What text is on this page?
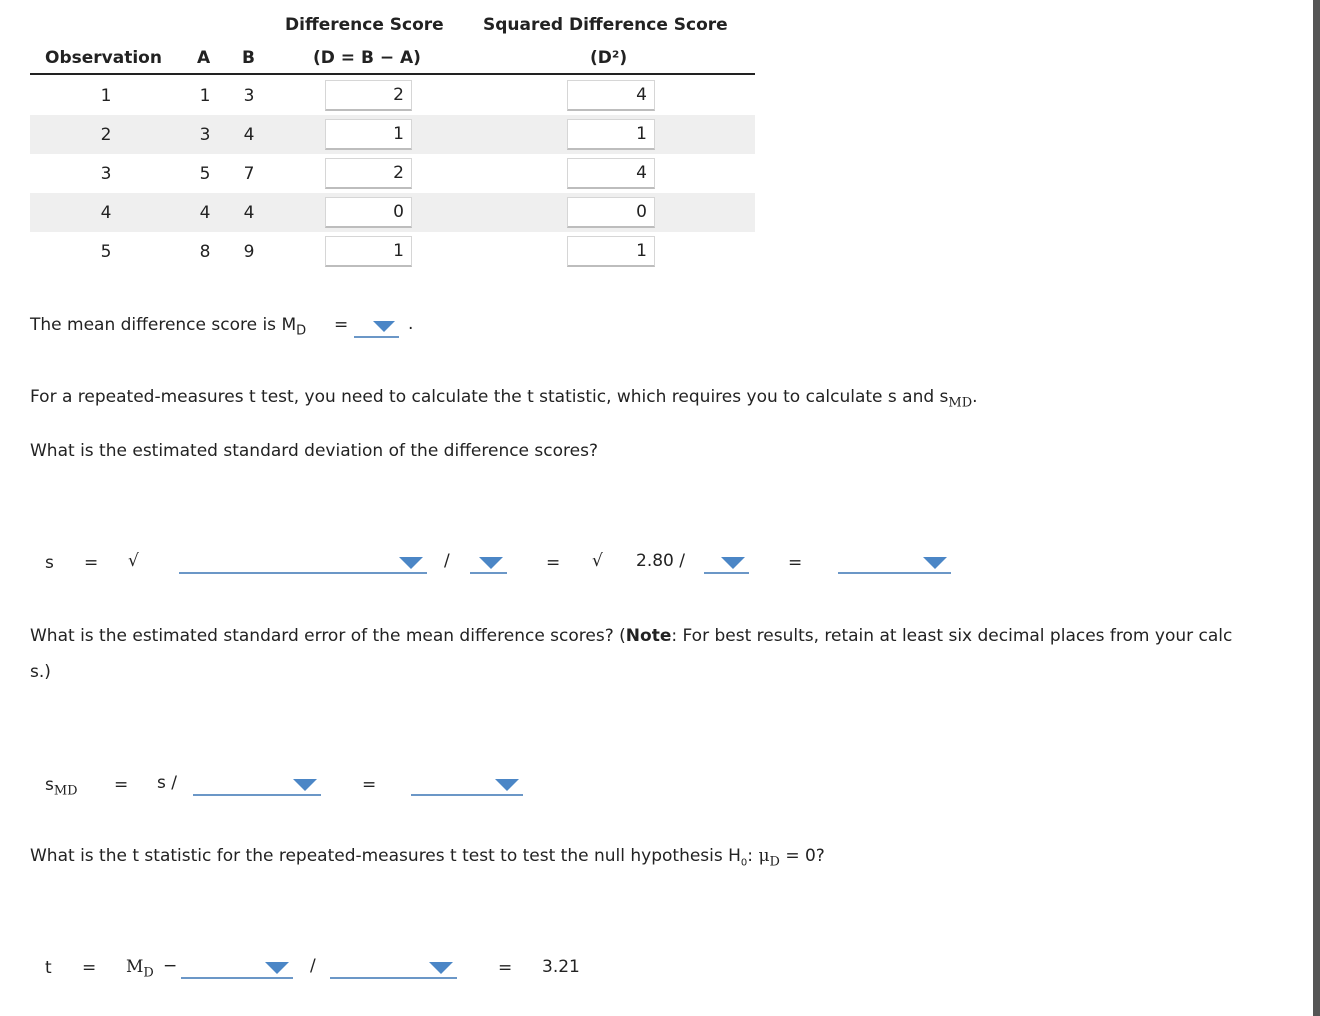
Difference Score Squared Difference Score
Observation A B	(D = B − A)	(D²)
1	1	3	2	4
2	3	4	1	1
3	5	7	2	4
4	4	4	0	0
5	8	9	1	1
The mean difference score is $M_D$ =	.
For a repeated-measures t test, you need to calculate the t statistic, which requires you to calculate s and $s_{MD}$.
What is the estimated standard deviation of the difference scores?
s = √	/	= √ 2.80 /	=
What is the estimated standard error of the mean difference scores? (Note: For best results, retain at least six decimal places from your calc
s.)
$s_{MD} = s$ /	=
What is the t statistic for the repeated-measures t test to test the null hypothesis $H_0$: $\mu_D = 0$?
$t = M_D$ −	/	= 3.21
